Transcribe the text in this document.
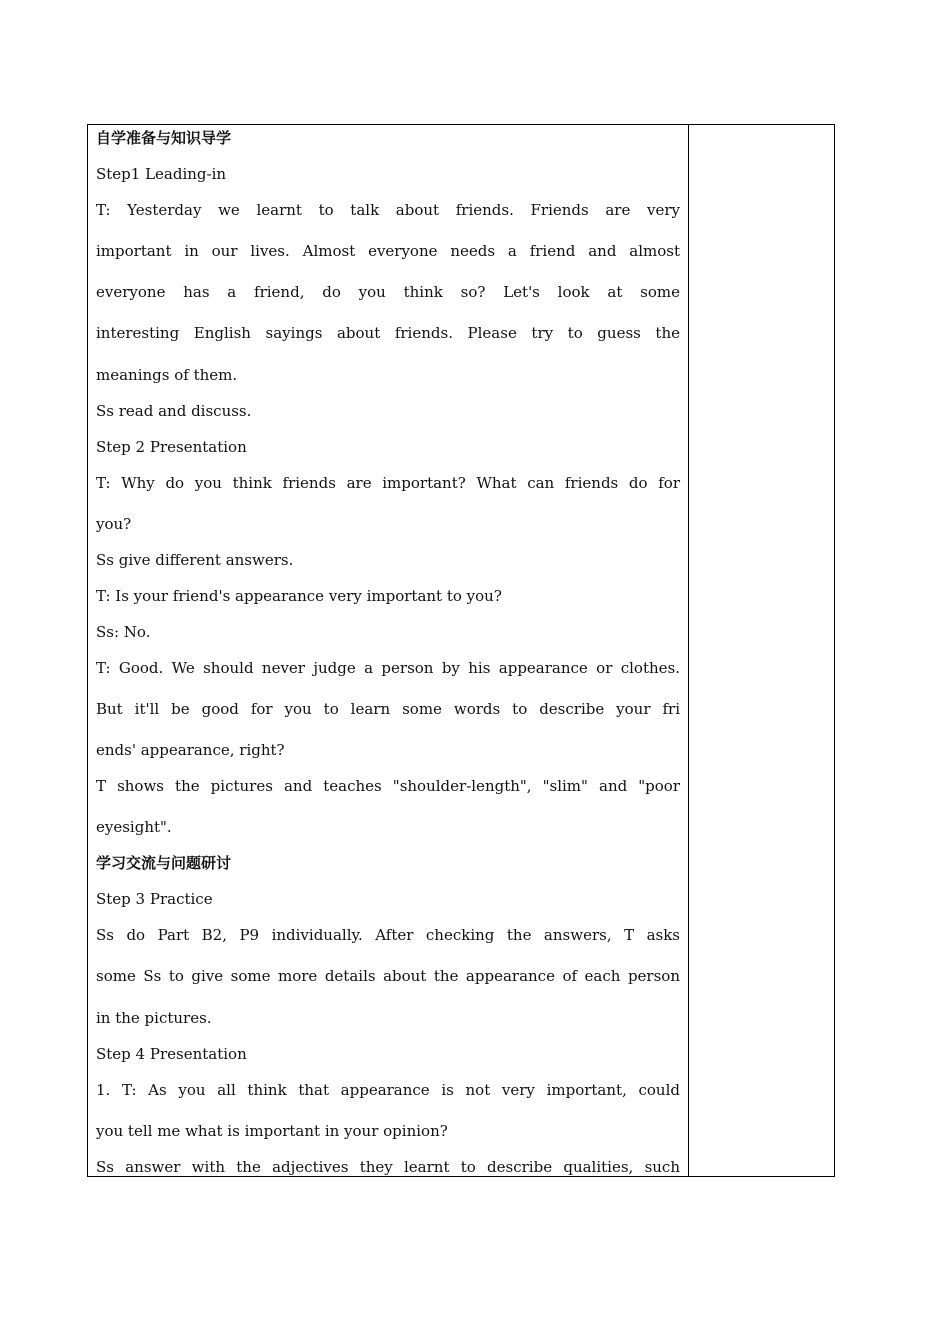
自学准备与知识导学
Step1 Leading-in
T: Yesterday we learnt to talk about friends. Friends are very
important in our lives. Almost everyone needs a friend and almost
everyone has a friend, do you think so? Let's look at some
interesting English sayings about friends. Please try to guess the
meanings of them.
Ss read and discuss.
Step 2 Presentation
T: Why do you think friends are important? What can friends do for
you?
Ss give different answers.
T: Is your friend's appearance very important to you?
Ss: No.
T: Good. We should never judge a person by his appearance or clothes.
But it'll be good for you to learn some words to describe your fri
ends' appearance, right?
T shows the pictures and teaches "shoulder-length", "slim" and "poor
eyesight".
学习交流与问题研讨
Step 3 Practice
Ss do Part B2, P9 individually. After checking the answers, T asks
some Ss to give some more details about the appearance of each person
in the pictures.
Step 4 Presentation
1. T: As you all think that appearance is not very important, could
you tell me what is important in your opinion?
Ss answer with the adjectives they learnt to describe qualities, such
